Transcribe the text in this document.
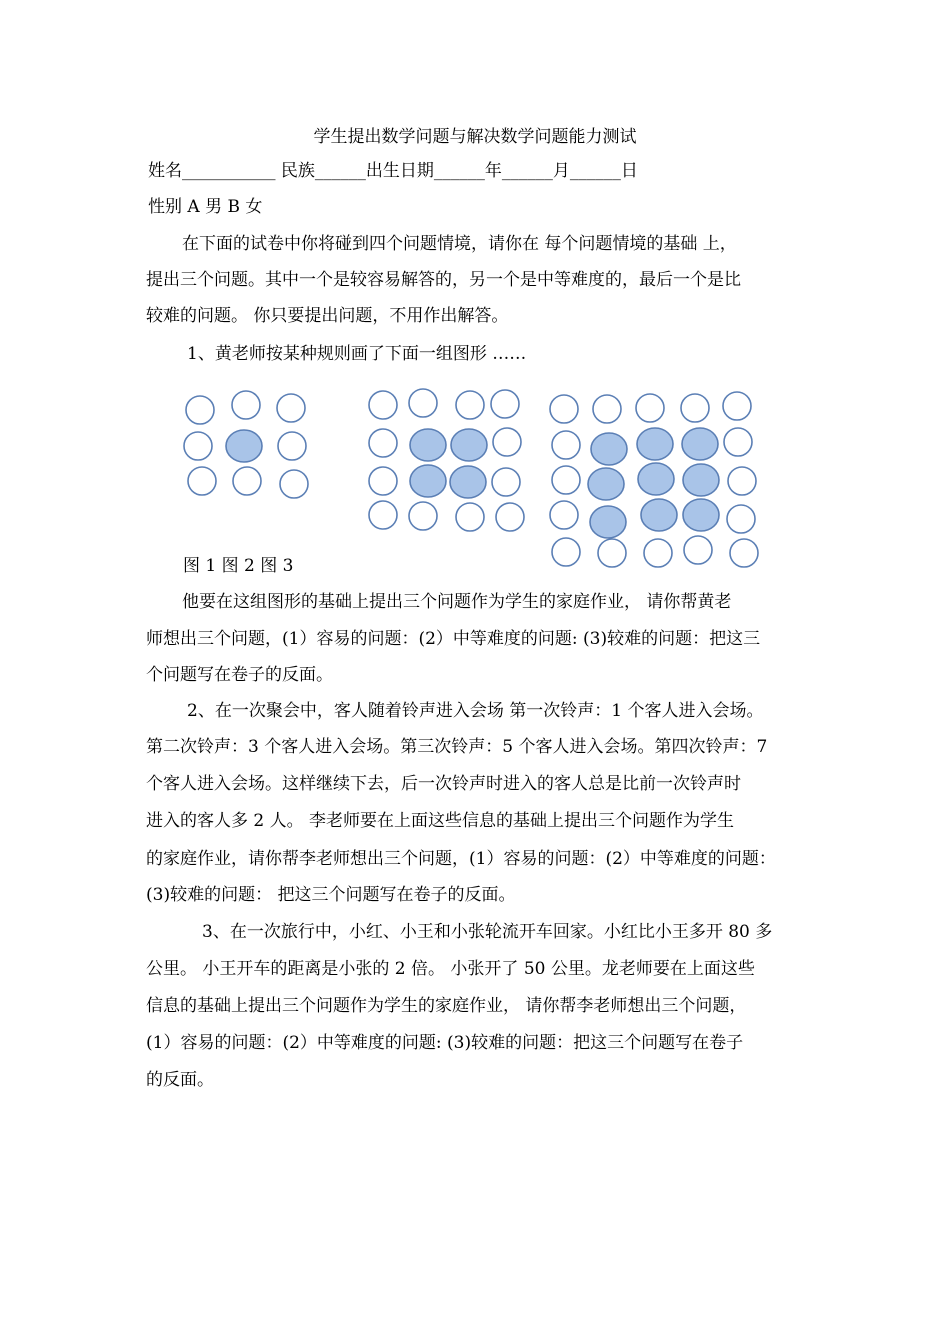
学生提出数学问题与解决数学问题能力测试
姓名___________ 民族______出生日期______年______月______日
性别 A 男 B 女
在下面的试卷中你将碰到四个问题情境，请你在 每个问题情境的基础 上，
提出三个问题。其中一个是较容易解答的，另一个是中等难度的，最后一个是比
较难的问题。 你只要提出问题，不用作出解答。
1、黄老师按某种规则画了下面一组图形 ……
图 1 图 2 图 3
他要在这组图形的基础上提出三个问题作为学生的家庭作业， 请你帮黄老
师想出三个问题，(1）容易的问题：(2）中等难度的问题: (3)较难的问题：把这三
个问题写在卷子的反面。
2、在一次聚会中，客人随着铃声进入会场 第一次铃声：1 个客人进入会场。
第二次铃声：3 个客人进入会场。第三次铃声：5 个客人进入会场。第四次铃声：7
个客人进入会场。这样继续下去，后一次铃声时进入的客人总是比前一次铃声时
进入的客人多 2 人。 李老师要在上面这些信息的基础上提出三个问题作为学生
的家庭作业，请你帮李老师想出三个问题，(1）容易的问题：(2）中等难度的问题：
(3)较难的问题： 把这三个问题写在卷子的反面。
3、在一次旅行中，小红、小王和小张轮流开车回家。小红比小王多开 80 多
公里。 小王开车的距离是小张的 2 倍。 小张开了 50 公里。龙老师要在上面这些
信息的基础上提出三个问题作为学生的家庭作业， 请你帮李老师想出三个问题，
(1）容易的问题：(2）中等难度的问题: (3)较难的问题：把这三个问题写在卷子
的反面。
